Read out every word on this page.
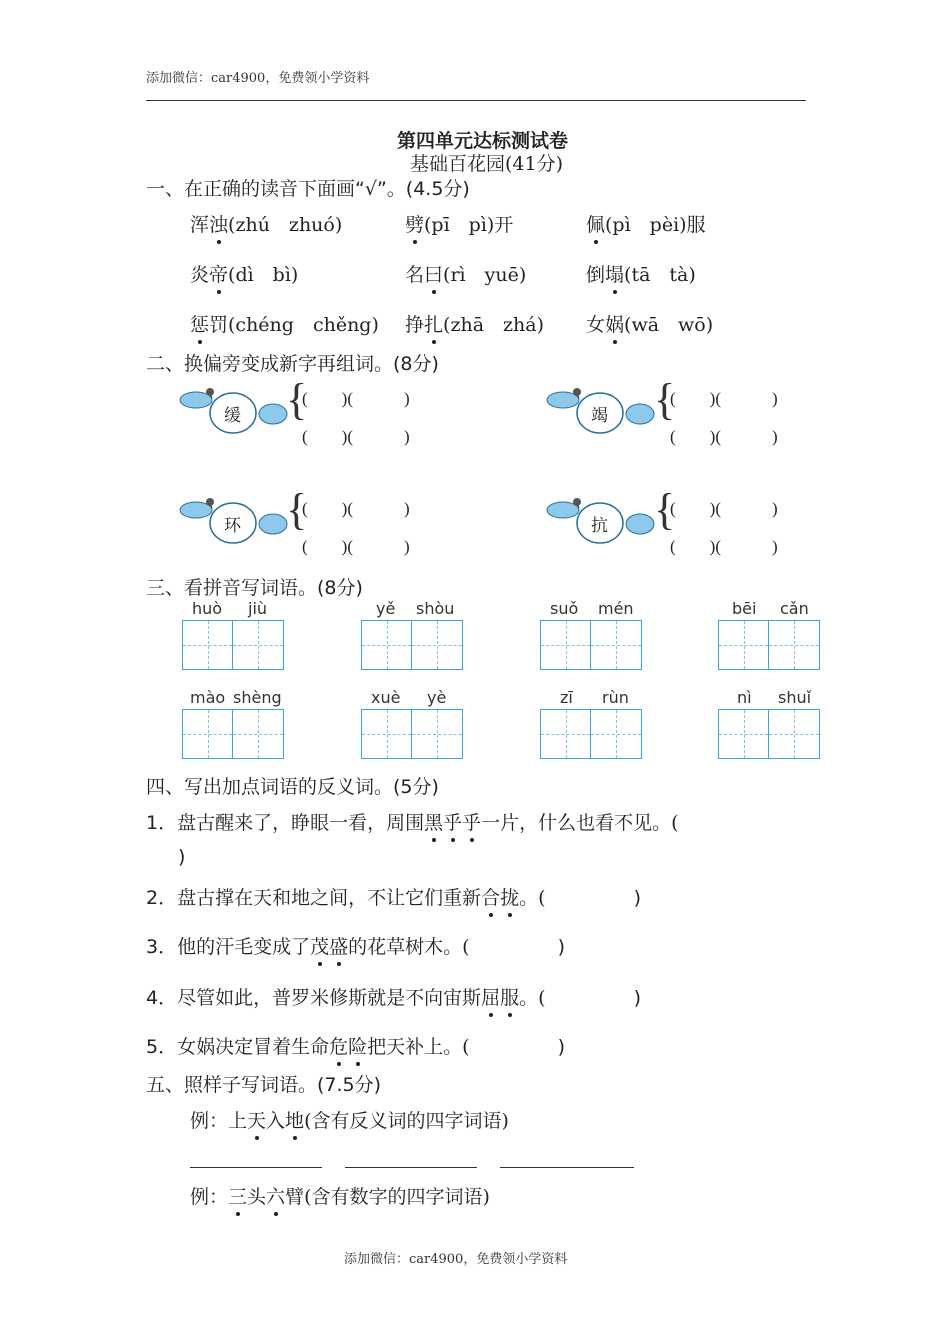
添加微信：car4900，免费领小学资料
第四单元达标测试卷
基础百花园(41分)
一、在正确的读音下面画“√”。(4.5分)
浑浊(zhú　zhuó)	劈(pī　pì)开	佩(pì　pèi)服
炎帝(dì　bì)	名曰(rì　yuē)	倒塌(tā　tà)
惩罚(chéng　chěng) 挣扎(zhā　zhá) 女娲(wā　wō)
二、换偏旁变成新字再组词。(8分)
缓 {
(　　)(　　　)
(　　)(　　　)
竭 {
(　　)(　　　)
(　　)(　　　)
环 {
(　　)(　　　)
(　　)(　　　)
抗 {
(　　)(　　　)
(　　)(　　　)
三、看拼音写词语。(8分)
huò jiù	yě shòu	suǒ mén	bēi cǎn
mào shèng	xuè yè	zī rùn	nì shuǐ
四、写出加点词语的反义词。(5分)
1．盘古醒来了，睁眼一看，周围黑乎乎一片，什么也看不见。(
)
2．盘古撑在天和地之间，不让它们重新合拢。(	)
3．他的汗毛变成了茂盛的花草树木。(	)
4．尽管如此，普罗米修斯就是不向宙斯屈服。(	)
5．女娲决定冒着生命危险把天补上。(	)
五、照样子写词语。(7.5分)
例：上天入地(含有反义词的四字词语)
例：三头六臂(含有数字的四字词语)
添加微信：car4900，免费领小学资料
